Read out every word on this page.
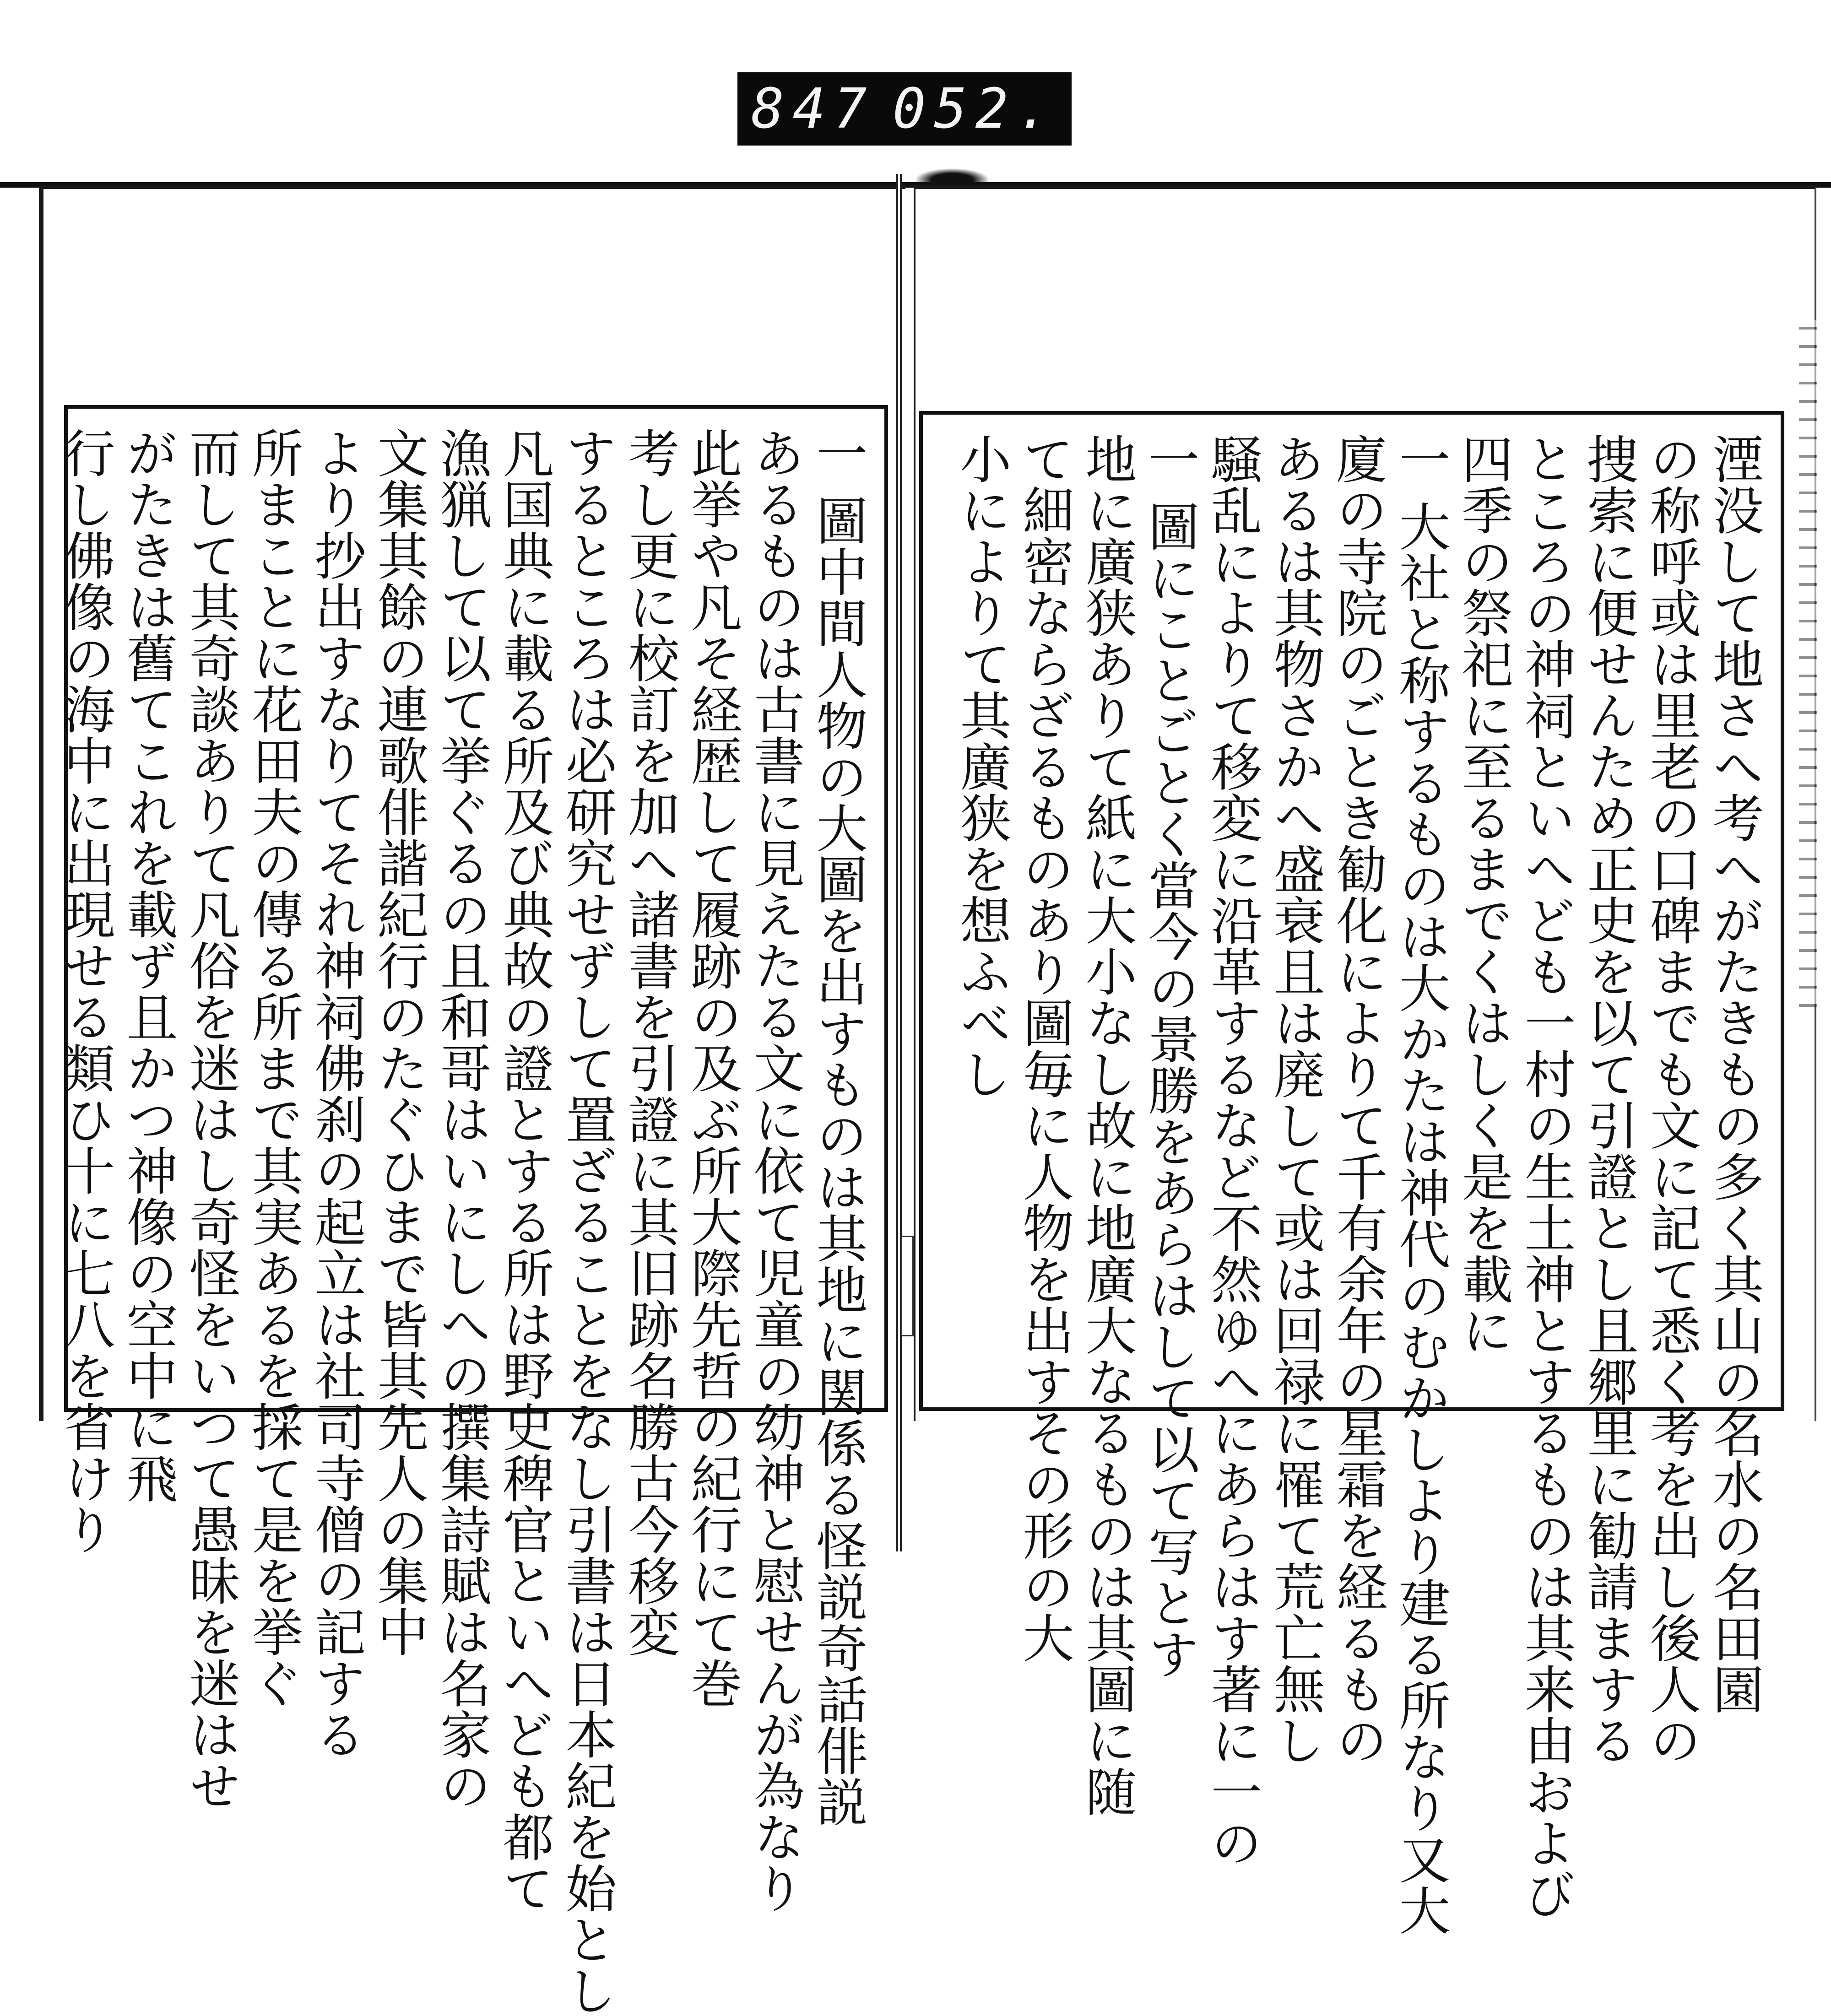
847 052.
湮没して地さへ考へがたきもの多く其山の名水の名田園
の称呼或は里老の口碑までも文に記て悉く考を出し後人の
捜索に便せんため正史を以て引證とし且郷里に勧請まする
ところの神祠といへども一村の生土神とするものは其来由および
四季の祭祀に至るまでくはしく是を載に
一 大社と称するものは大かたは神代のむかしより建る所なり又大
廈の寺院のごとき勧化によりて千有余年の星霜を経るもの
あるは其物さかへ盛衰且は廃して或は回禄に罹て荒亡無し
騒乱によりて移変に沿革するなど不然ゆへにあらはす著に一の
一 圖にことごとく當今の景勝をあらはして以て写とす
地に廣狭ありて紙に大小なし故に地廣大なるものは其圖に随
て細密ならざるものあり圖毎に人物を出すその形の大
小によりて其廣狭を想ふべし
一 圖中間人物の大圖を出すものは其地に関係る怪説奇話俳説
あるものは古書に見えたる文に依て児童の幼神と慰せんが為なり
此挙や凡そ経歴して履跡の及ぶ所大際先哲の紀行にて巻
考し更に校訂を加へ諸書を引證に其旧跡名勝古今移変
するところは必研究せずして置ざることをなし引書は日本紀を始とし
凡国典に載る所及び典故の證とする所は野史稗官といへども都て
漁猟して以て挙ぐるの且和哥はいにしへの撰集詩賦は名家の
文集其餘の連歌俳諧紀行のたぐひまで皆其先人の集中
より抄出すなりてそれ神祠佛刹の起立は社司寺僧の記する
所まことに花田夫の傳る所まで其実あるを採て是を挙ぐ
而して其奇談ありて凡俗を迷はし奇怪をいつて愚昧を迷はせ
がたきは舊てこれを載ず且かつ神像の空中に飛
行し佛像の海中に出現せる類ひ十に七八を省けり
